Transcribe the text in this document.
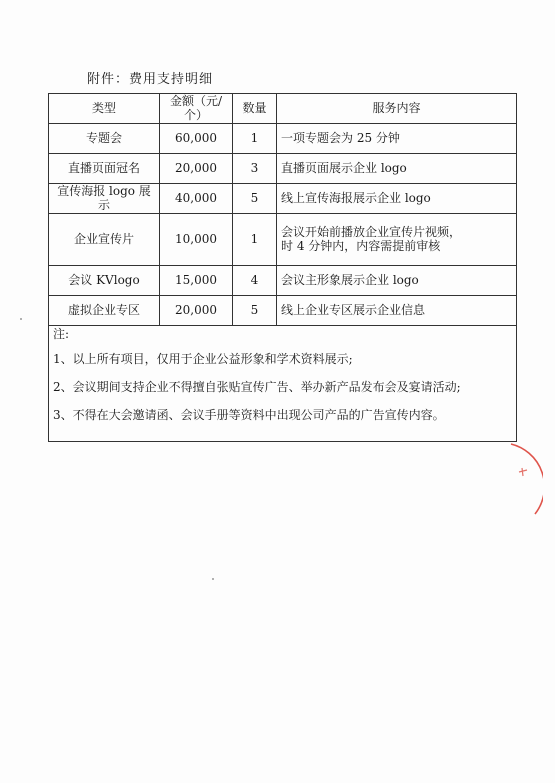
附件：费用支持明细
类型	金额（元/个）	数量	服务内容
专题会	60,000	1	一项专题会为 25 分钟
直播页面冠名	20,000	3	直播页面展示企业 logo
宣传海报 logo 展示	40,000	5	线上宣传海报展示企业 logo
企业宣传片	10,000	1	会议开始前播放企业宣传片视频，
时 4 分钟内，内容需提前审核

会议 KVlogo	15,000	4	会议主形象展示企业 logo
虚拟企业专区	20,000	5	线上企业专区展示企业信息

注:
1、以上所有项目，仅用于企业公益形象和学术资料展示;
2、会议期间支持企业不得擅自张贴宣传广告、举办新产品发布会及宴请活动;
3、不得在大会邀请函、会议手册等资料中出现公司产品的广告宣传内容。			
